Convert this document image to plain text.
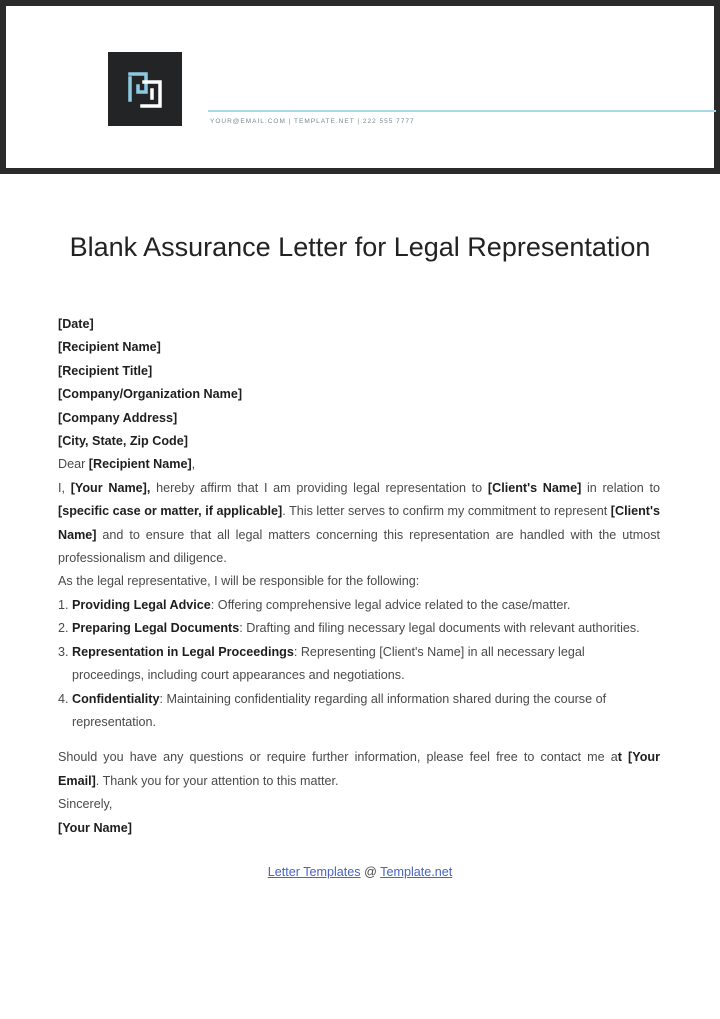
YOUR@EMAIL.COM | TEMPLATE.NET | 222 555 7777
Blank Assurance Letter for Legal Representation

[Date]

[Recipient Name]

[Recipient Title]

[Company/Organization Name]

[Company Address]

[City, State, Zip Code]

Dear [Recipient Name],

I, [Your Name], hereby affirm that I am providing legal representation to [Client's Name] in relation to [specific case or matter, if applicable]. This letter serves to confirm my commitment to represent [Client's Name] and to ensure that all legal matters concerning this representation are handled with the utmost professionalism and diligence.

As the legal representative, I will be responsible for the following:

1. Providing Legal Advice: Offering comprehensive legal advice related to the case/matter.
2. Preparing Legal Documents: Drafting and filing necessary legal documents with relevant authorities.
3. Representation in Legal Proceedings: Representing [Client's Name] in all necessary legal proceedings, including court appearances and negotiations.
4. Confidentiality: Maintaining confidentiality regarding all information shared during the course of representation.

Should you have any questions or require further information, please feel free to contact me at [Your Email]. Thank you for your attention to this matter.

Sincerely,

[Your Name]

Letter Templates @ Template.net
